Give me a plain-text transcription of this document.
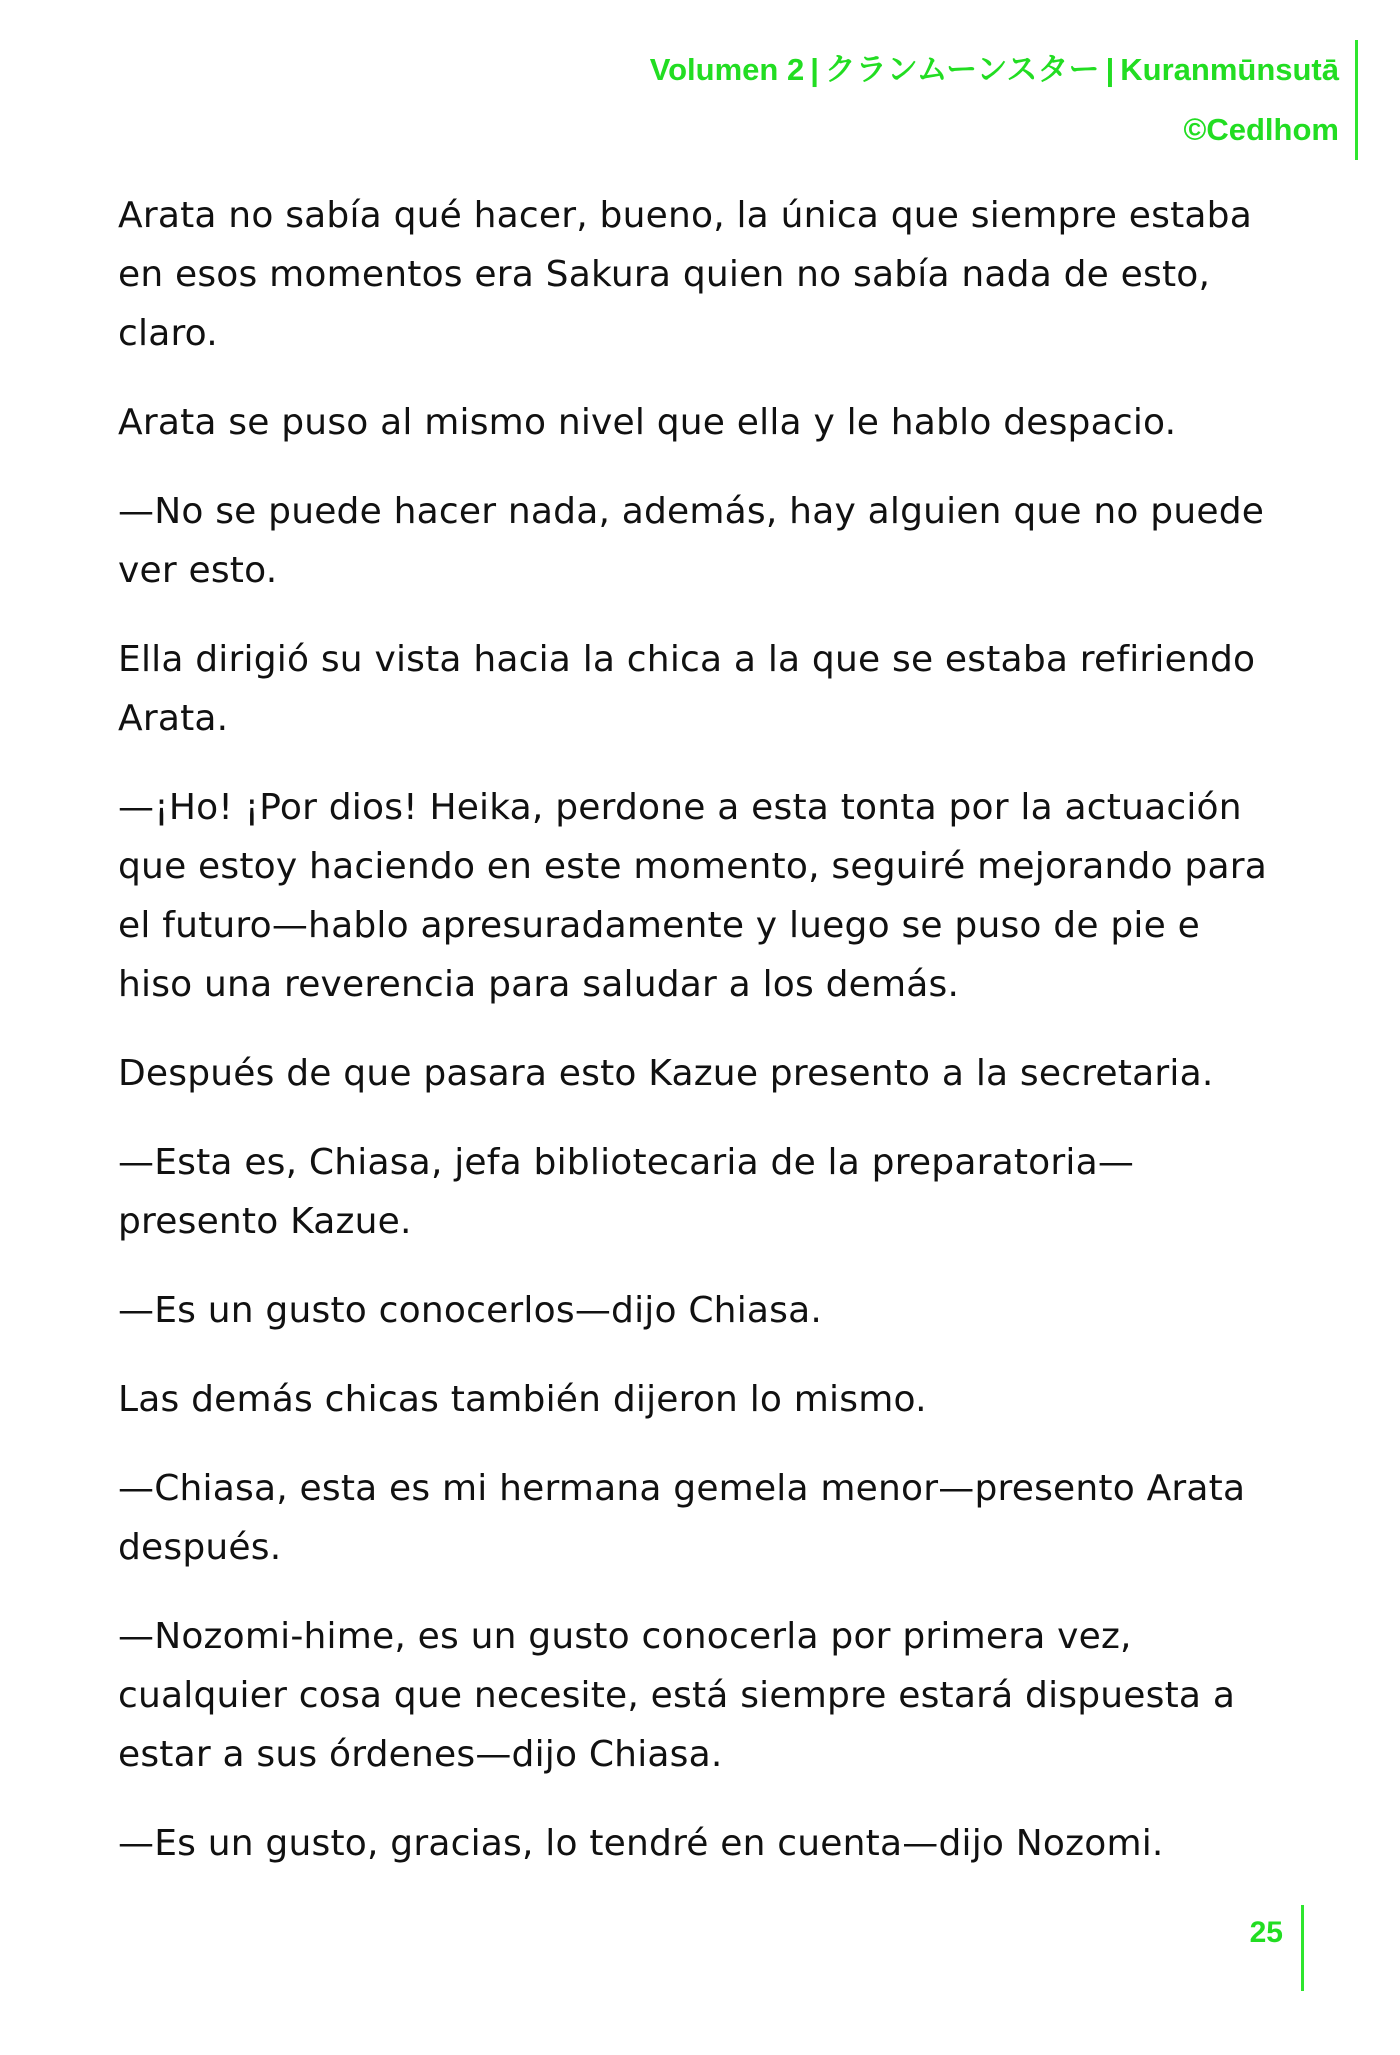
Volumen 2 | クランムーンスター | Kuranmūnsutā
©Cedlhom

Arata no sabía qué hacer, bueno, la única que siempre estaba en esos momentos era Sakura quien no sabía nada de esto, claro.

Arata se puso al mismo nivel que ella y le hablo despacio.

—No se puede hacer nada, además, hay alguien que no puede ver esto.

Ella dirigió su vista hacia la chica a la que se estaba refiriendo Arata.

—¡Ho! ¡Por dios! Heika, perdone a esta tonta por la actuación que estoy haciendo en este momento, seguiré mejorando para el futuro—hablo apresuradamente y luego se puso de pie e hiso una reverencia para saludar a los demás.

Después de que pasara esto Kazue presento a la secretaria.

—Esta es, Chiasa, jefa bibliotecaria de la preparatoria—presento Kazue.

—Es un gusto conocerlos—dijo Chiasa.

Las demás chicas también dijeron lo mismo.

—Chiasa, esta es mi hermana gemela menor—presento Arata después.

—Nozomi-hime, es un gusto conocerla por primera vez, cualquier cosa que necesite, está siempre estará dispuesta a estar a sus órdenes—dijo Chiasa.

—Es un gusto, gracias, lo tendré en cuenta—dijo Nozomi.

25
